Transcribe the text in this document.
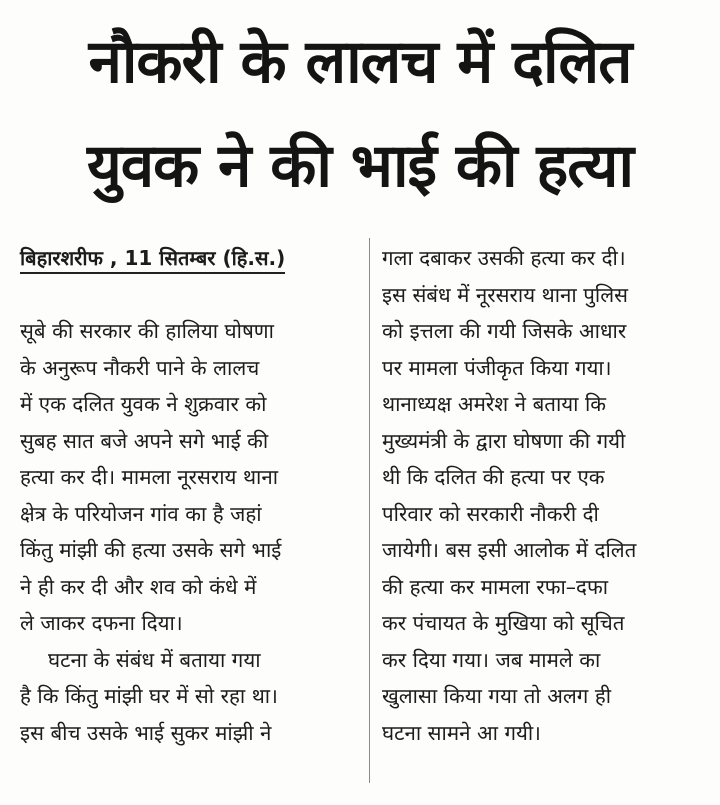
नौकरी के लालच में दलित
युवक ने की भाई की हत्या
बिहारशरीफ , 11 सितम्बर (हि.स.)
सूबे की सरकार की हालिया घोषणा
के अनुरूप नौकरी पाने के लालच
में एक दलित युवक ने शुक्रवार को
सुबह सात बजे अपने सगे भाई की
हत्या कर दी। मामला नूरसराय थाना
क्षेत्र के परियोजन गांव का है जहां
किंतु मांझी की हत्या उसके सगे भाई
ने ही कर दी और शव को कंधे में
ले जाकर दफना दिया।
घटना के संबंध में बताया गया
है कि किंतु मांझी घर में सो रहा था।
इस बीच उसके भाई सुकर मांझी ने
गला दबाकर उसकी हत्या कर दी।
इस संबंध में नूरसराय थाना पुलिस
को इत्तला की गयी जिसके आधार
पर मामला पंजीकृत किया गया।
थानाध्यक्ष अमरेश ने बताया कि
मुख्यमंत्री के द्वारा घोषणा की गयी
थी कि दलित की हत्या पर एक
परिवार को सरकारी नौकरी दी
जायेगी। बस इसी आलोक में दलित
की हत्या कर मामला रफा–दफा
कर पंचायत के मुखिया को सूचित
कर दिया गया। जब मामले का
खुलासा किया गया तो अलग ही
घटना सामने आ गयी।
